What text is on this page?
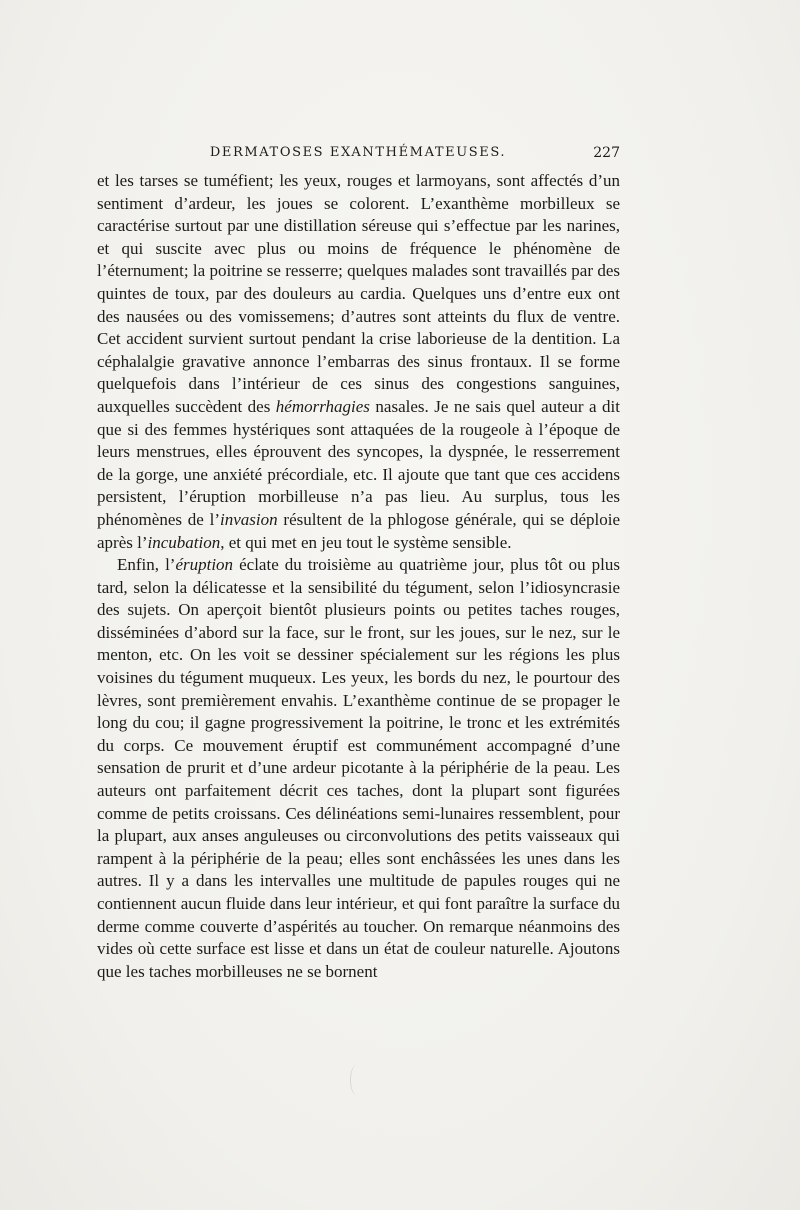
DERMATOSES EXANTHÉMATEUSES.	227

et les tarses se tuméfient; les yeux, rouges et larmoyans, sont affectés d’un sentiment d’ardeur, les joues se colorent. L’exanthème morbilleux se caractérise surtout par une distillation séreuse qui s’effectue par les narines, et qui suscite avec plus ou moins de fréquence le phénomène de l’éternument; la poitrine se resserre; quelques malades sont travaillés par des quintes de toux, par des douleurs au cardia. Quelques uns d’entre eux ont des nausées ou des vomissemens; d’autres sont atteints du flux de ventre. Cet accident survient surtout pendant la crise laborieuse de la dentition. La céphalalgie gravative annonce l’embarras des sinus frontaux. Il se forme quelquefois dans l’intérieur de ces sinus des congestions sanguines, auxquelles succèdent des hémorrhagies nasales. Je ne sais quel auteur a dit que si des femmes hystériques sont attaquées de la rougeole à l’époque de leurs menstrues, elles éprouvent des syncopes, la dyspnée, le resserrement de la gorge, une anxiété précordiale, etc. Il ajoute que tant que ces accidens persistent, l’éruption morbilleuse n’a pas lieu. Au surplus, tous les phénomènes de l’invasion résultent de la phlogose générale, qui se déploie après l’incubation, et qui met en jeu tout le système sensible.

Enfin, l’éruption éclate du troisième au quatrième jour, plus tôt ou plus tard, selon la délicatesse et la sensibilité du tégument, selon l’idiosyncrasie des sujets. On aperçoit bientôt plusieurs points ou petites taches rouges, disséminées d’abord sur la face, sur le front, sur les joues, sur le nez, sur le menton, etc. On les voit se dessiner spécialement sur les régions les plus voisines du tégument muqueux. Les yeux, les bords du nez, le pourtour des lèvres, sont premièrement envahis. L’exanthème continue de se propager le long du cou; il gagne progressivement la poitrine, le tronc et les extrémités du corps. Ce mouvement éruptif est communément accompagné d’une sensation de prurit et d’une ardeur picotante à la périphérie de la peau. Les auteurs ont parfaitement décrit ces taches, dont la plupart sont figurées comme de petits croissans. Ces délinéations semi-lunaires ressemblent, pour la plupart, aux anses anguleuses ou circonvolutions des petits vaisseaux qui rampent à la périphérie de la peau; elles sont enchâssées les unes dans les autres. Il y a dans les intervalles une multitude de papules rouges qui ne contiennent aucun fluide dans leur intérieur, et qui font paraître la surface du derme comme couverte d’aspérités au toucher. On remarque néanmoins des vides où cette surface est lisse et dans un état de couleur naturelle. Ajoutons que les taches morbilleuses ne se bornent
